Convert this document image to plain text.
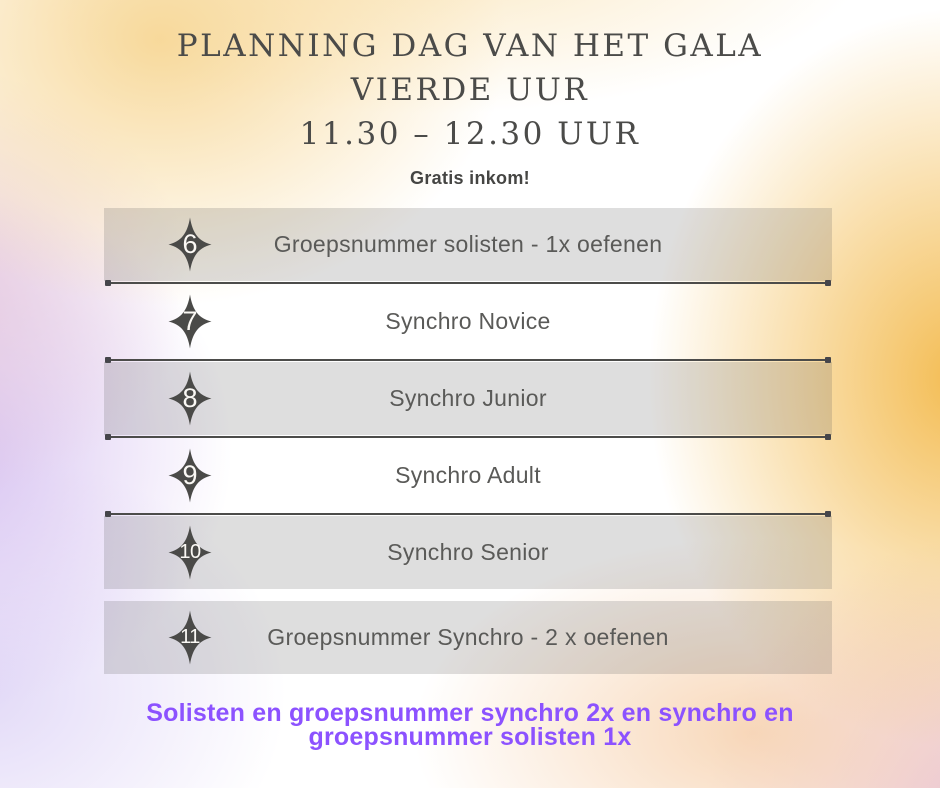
PLANNING DAG VAN HET GALA
VIERDE UUR
11.30 – 12.30 UUR
Gratis inkom!
6	Groepsnummer solisten - 1x oefenen
7	Synchro Novice
8	Synchro Junior
9	Synchro Adult
10	Synchro Senior
11	Groepsnummer Synchro - 2 x oefenen
Solisten en groepsnummer synchro 2x en synchro en groepsnummer solisten 1x
